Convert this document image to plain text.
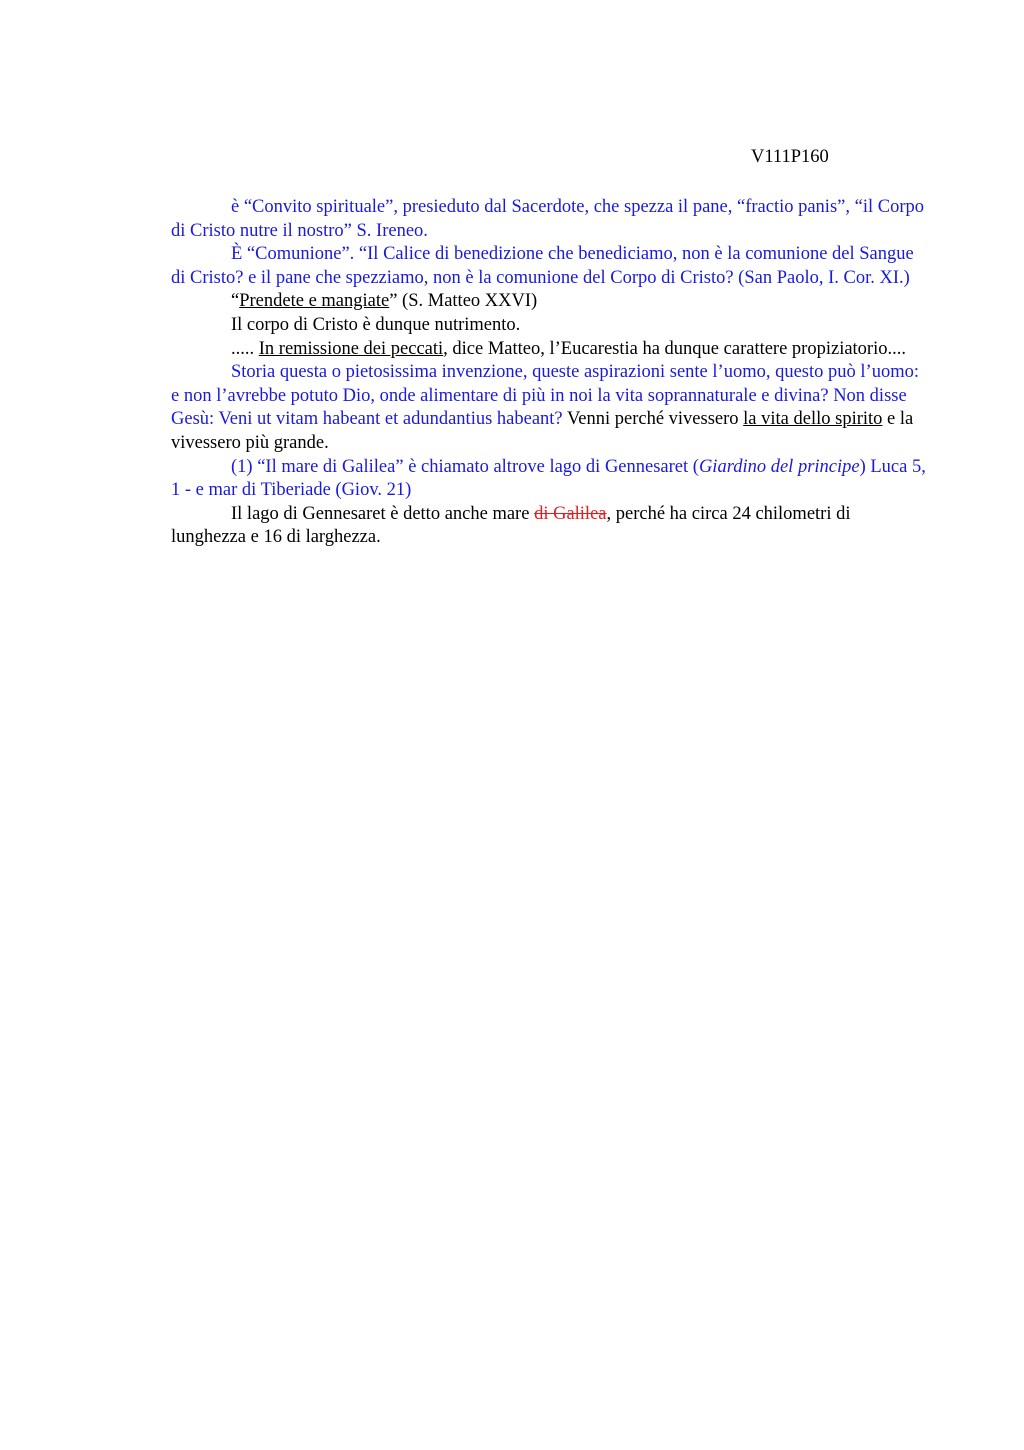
V111P160

è “Convito spirituale”, presieduto dal Sacerdote, che spezza il pane, “fractio panis”, “il Corpo di Cristo nutre il nostro” S. Ireneo.

È “Comunione”. “Il Calice di benedizione che benediciamo, non è la comunione del Sangue di Cristo? e il pane che spezziamo, non è la comunione del Corpo di Cristo? (San Paolo, I. Cor. XI.)

“Prendete e mangiate” (S. Matteo XXVI)

Il corpo di Cristo è dunque nutrimento.

..... In remissione dei peccati, dice Matteo, l’Eucarestia ha dunque carattere propiziatorio....

Storia questa o pietosissima invenzione, queste aspirazioni sente l’uomo, questo può l’uomo: e non l’avrebbe potuto Dio, onde alimentare di più in noi la vita soprannaturale e divina? Non disse Gesù: Veni ut vitam habeant et adundantius habeant? Venni perché vivessero la vita dello spirito e la vivessero più grande.

(1) “Il mare di Galilea” è chiamato altrove lago di Gennesaret (Giardino del principe) Luca 5, 1 - e mar di Tiberiade (Giov. 21)

Il lago di Gennesaret è detto anche mare di Galilea, perché ha circa 24 chilometri di lunghezza e 16 di larghezza.
